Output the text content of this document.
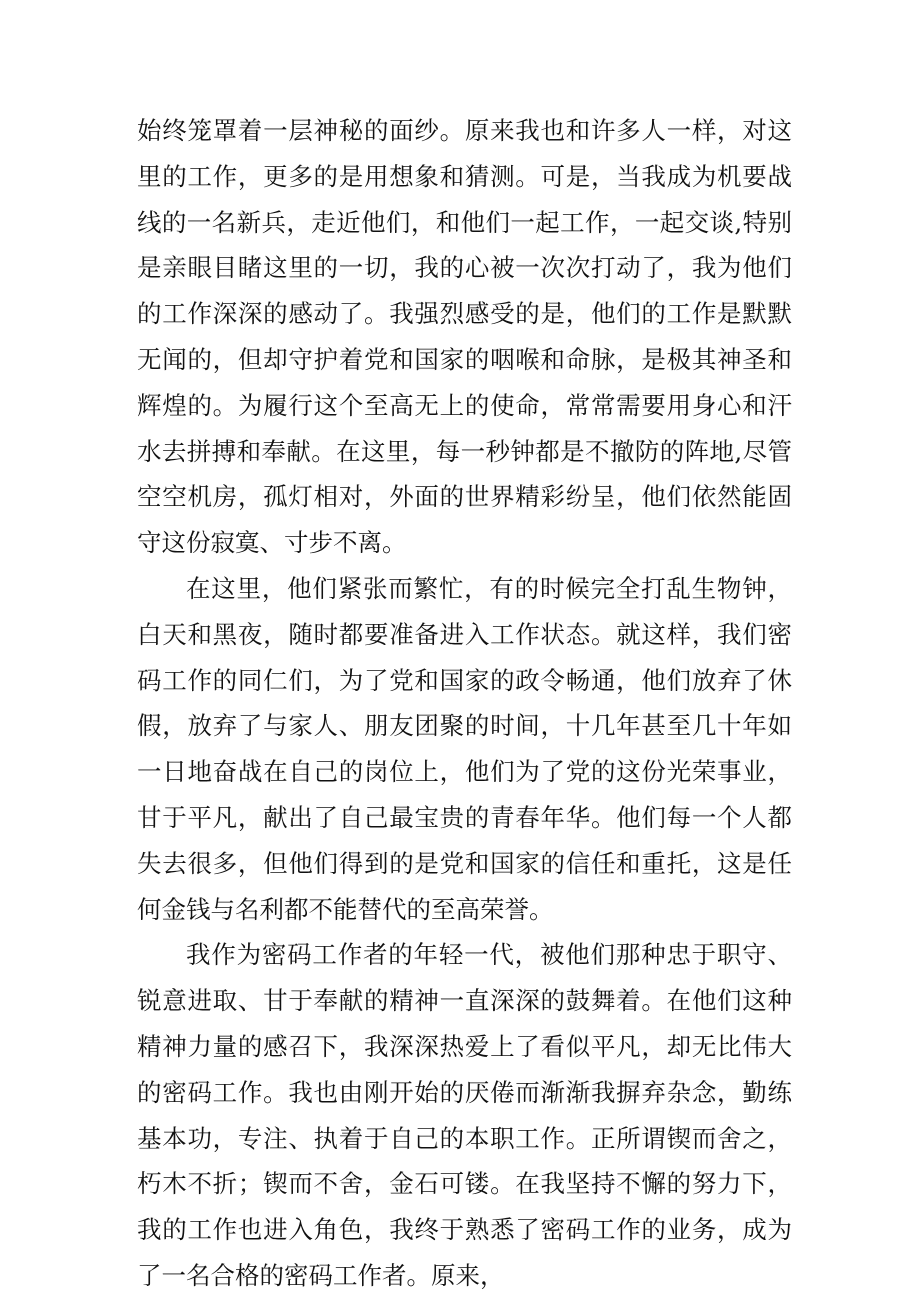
始终笼罩着一层神秘的面纱。原来我也和许多人一样，对这里的工作，更多的是用想象和猜测。可是，当我成为机要战线的一名新兵，走近他们，和他们一起工作，一起交谈,特别是亲眼目睹这里的一切，我的心被一次次打动了，我为他们的工作深深的感动了。我强烈感受的是，他们的工作是默默无闻的，但却守护着党和国家的咽喉和命脉，是极其神圣和辉煌的。为履行这个至高无上的使命，常常需要用身心和汗水去拼搏和奉献。在这里，每一秒钟都是不撤防的阵地,尽管空空机房，孤灯相对，外面的世界精彩纷呈，他们依然能固守这份寂寞、寸步不离。

在这里，他们紧张而繁忙，有的时候完全打乱生物钟，白天和黑夜，随时都要准备进入工作状态。就这样，我们密码工作的同仁们，为了党和国家的政令畅通，他们放弃了休假，放弃了与家人、朋友团聚的时间，十几年甚至几十年如一日地奋战在自己的岗位上，他们为了党的这份光荣事业，甘于平凡，献出了自己最宝贵的青春年华。他们每一个人都失去很多，但他们得到的是党和国家的信任和重托，这是任何金钱与名利都不能替代的至高荣誉。

我作为密码工作者的年轻一代，被他们那种忠于职守、锐意进取、甘于奉献的精神一直深深的鼓舞着。在他们这种精神力量的感召下，我深深热爱上了看似平凡，却无比伟大的密码工作。我也由刚开始的厌倦而渐渐我摒弃杂念，勤练基本功，专注、执着于自己的本职工作。正所谓锲而舍之，朽木不折；锲而不舍，金石可镂。在我坚持不懈的努力下，我的工作也进入角色，我终于熟悉了密码工作的业务，成为了一名合格的密码工作者。原来，
